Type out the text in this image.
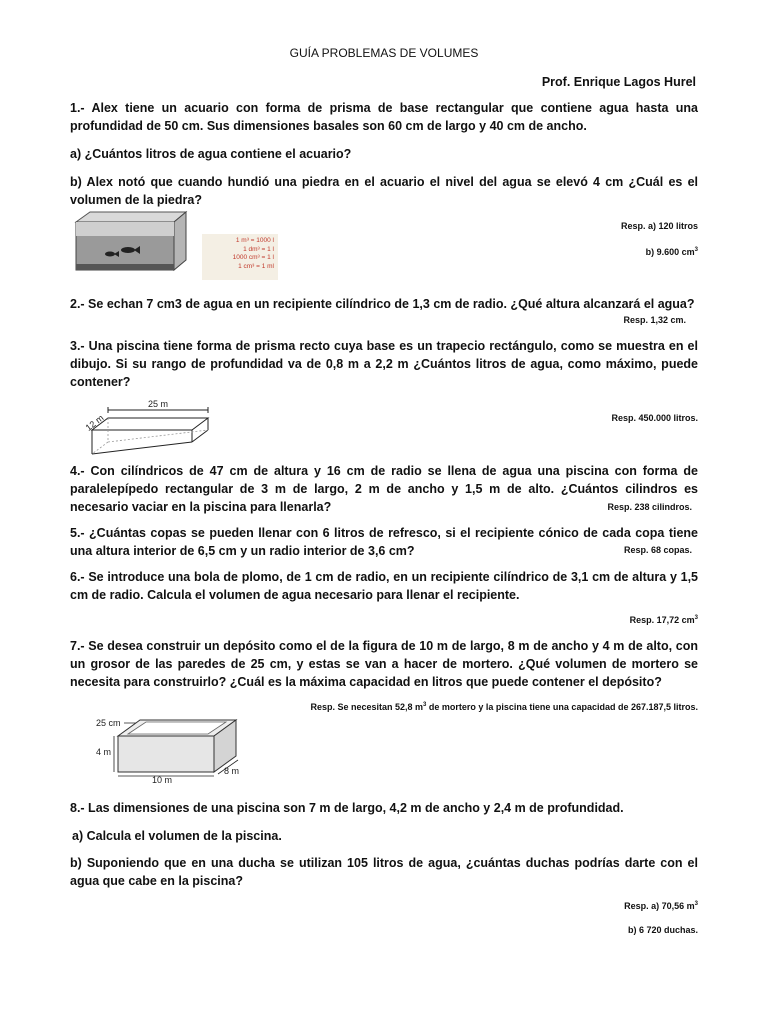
GUÍA PROBLEMAS DE VOLUMES
Prof. Enrique Lagos Hurel
1.- Alex tiene un acuario con forma de prisma de base rectangular que contiene agua hasta una profundidad de 50 cm. Sus dimensiones basales son 60 cm de largo y 40 cm de ancho.
a) ¿Cuántos litros de agua contiene el acuario?
b) Alex notó que cuando hundió una piedra en el acuario el nivel del agua se elevó 4 cm ¿Cuál es el volumen de la piedra?
1 m³ = 1000 l
1 dm³ = 1 l
1000 cm³ = 1 l
1 cm³ = 1 ml
Resp. a) 120 litros
b) 9.600 $cm^3$
2.- Se echan 7 cm3 de agua en un recipiente cilíndrico de 1,3 cm de radio. ¿Qué altura alcanzará el agua?
Resp. 1,32 cm.
3.- Una piscina tiene forma de prisma recto cuya base es un trapecio rectángulo, como se muestra en el dibujo. Si su rango de profundidad va de 0,8 m a 2,2 m ¿Cuántos litros de agua, como máximo, puede contener?
25 m
12 m	Resp. 450.000 litros.
4.- Con cilíndricos de 47 cm de altura y 16 cm de radio se llena de agua una piscina con forma de paralelepípedo rectangular de 3 m de largo, 2 m de ancho y 1,5 m de alto. ¿Cuántos cilindros es necesario vaciar en la piscina para llenarla?	Resp. 238 cilindros.
5.- ¿Cuántas copas se pueden llenar con 6 litros de refresco, si el recipiente cónico de cada copa tiene una altura interior de 6,5 cm y un radio interior de 3,6 cm?	Resp. 68 copas.
6.- Se introduce una bola de plomo, de 1 cm de radio, en un recipiente cilíndrico de 3,1 cm de altura y 1,5 cm de radio. Calcula el volumen de agua necesario para llenar el recipiente.
Resp. 17,72 $cm^3$
7.- Se desea construir un depósito como el de la figura de 10 m de largo, 8 m de ancho y 4 m de alto, con un grosor de las paredes de 25 cm, y estas se van a hacer de mortero. ¿Qué volumen de mortero se necesita para construirlo? ¿Cuál es la máxima capacidad en litros que puede contener el depósito?
Resp. Se necesitan 52,8 $m^3$ de mortero y la piscina tiene una capacidad de 267.187,5 litros.
25 cm
4 m
10 m
8 m
8.- Las dimensiones de una piscina son 7 m de largo, 4,2 m de ancho y 2,4 m de profundidad.
a) Calcula el volumen de la piscina.
b) Suponiendo que en una ducha se utilizan 105 litros de agua, ¿cuántas duchas podrías darte con el agua que cabe en la piscina?
Resp. a) 70,56 $m^3$
b) 6 720 duchas.
